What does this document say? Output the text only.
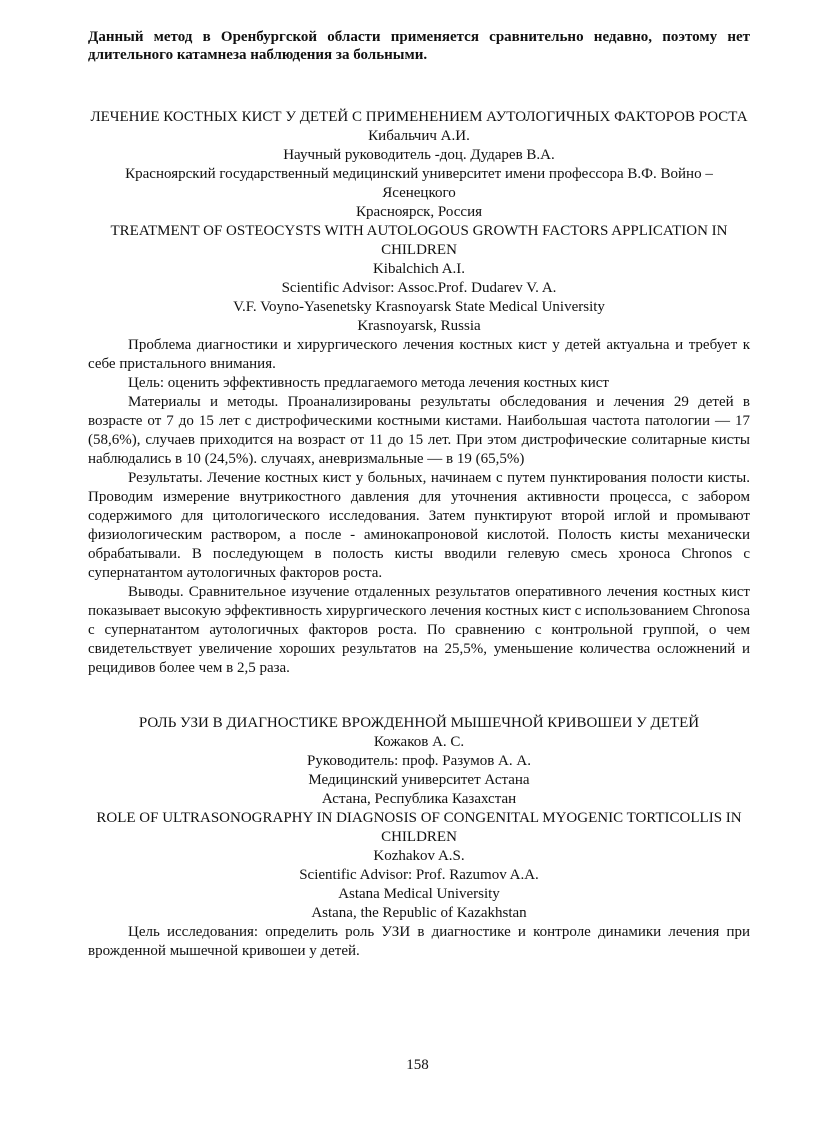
Данный метод в Оренбургской области применяется сравнительно недавно, поэтому нет длительного катамнеза наблюдения за больными.

ЛЕЧЕНИЕ КОСТНЫХ КИСТ У ДЕТЕЙ С ПРИМЕНЕНИЕМ АУТОЛОГИЧНЫХ ФАКТОРОВ РОСТА

Кибальчич А.И.

Научный руководитель -доц. Дударев В.А.

Красноярский государственный медицинский университет имени профессора В.Ф. Войно – Ясенецкого

Красноярск, Россия

TREATMENT OF OSTEOCYSTS WITH AUTOLOGOUS GROWTH FACTORS APPLICATION IN CHILDREN

Kibalchich A.I.

Scientific Advisor: Assoc.Prof. Dudarev V. A.

V.F. Voyno-Yasenetsky Krasnoyarsk State Medical University

Krasnoyarsk, Russia

Проблема диагностики и хирургического лечения костных кист у детей актуальна и требует к себе пристального внимания.

Цель: оценить эффективность предлагаемого метода лечения костных кист

Материалы и методы. Проанализированы результаты обследования и лечения 29 детей в возрасте от 7 до 15 лет с дистрофическими костными кистами. Наибольшая частота патологии — 17 (58,6%), случаев приходится на возраст от 11 до 15 лет. При этом дистрофические солитарные кисты наблюдались в 10 (24,5%). случаях, аневризмальные — в 19 (65,5%)

Результаты. Лечение костных кист у больных, начинаем с путем пунктирования полости кисты. Проводим измерение внутрикостного давления для уточнения активности процесса, с забором содержимого для цитологического исследования. Затем пунктируют второй иглой и промывают физиологическим раствором, а после - аминокапроновой кислотой. Полость кисты механически обрабатывали. В последующем в полость кисты вводили гелевую смесь хроноса Chronos с супернатантом аутологичных факторов роста.

Выводы. Сравнительное изучение отдаленных результатов оперативного лечения костных кист показывает высокую эффективность хирургического лечения костных кист с использованием Chronosa с супернатантом аутологичных факторов роста. По сравнению с контрольной группой, о чем свидетельствует увеличение хороших результатов на 25,5%, уменьшение количества осложнений и рецидивов более чем в 2,5 раза.

РОЛЬ УЗИ В ДИАГНОСТИКЕ ВРОЖДЕННОЙ МЫШЕЧНОЙ КРИВОШЕИ У ДЕТЕЙ

Кожаков А. С.

Руководитель: проф. Разумов А. А.

Медицинский университет Астана

Астана, Республика Казахстан

ROLE OF ULTRASONOGRAPHY IN DIAGNOSIS OF CONGENITAL MYOGENIC TORTICOLLIS IN CHILDREN

Kozhakov A.S.

Scientific Advisor: Prof. Razumov A.A.

Astana Medical University

Astana, the Republic of Kazakhstan

Цель исследования: определить роль УЗИ в диагностике и контроле динамики лечения при врожденной мышечной кривошеи у детей.

158
